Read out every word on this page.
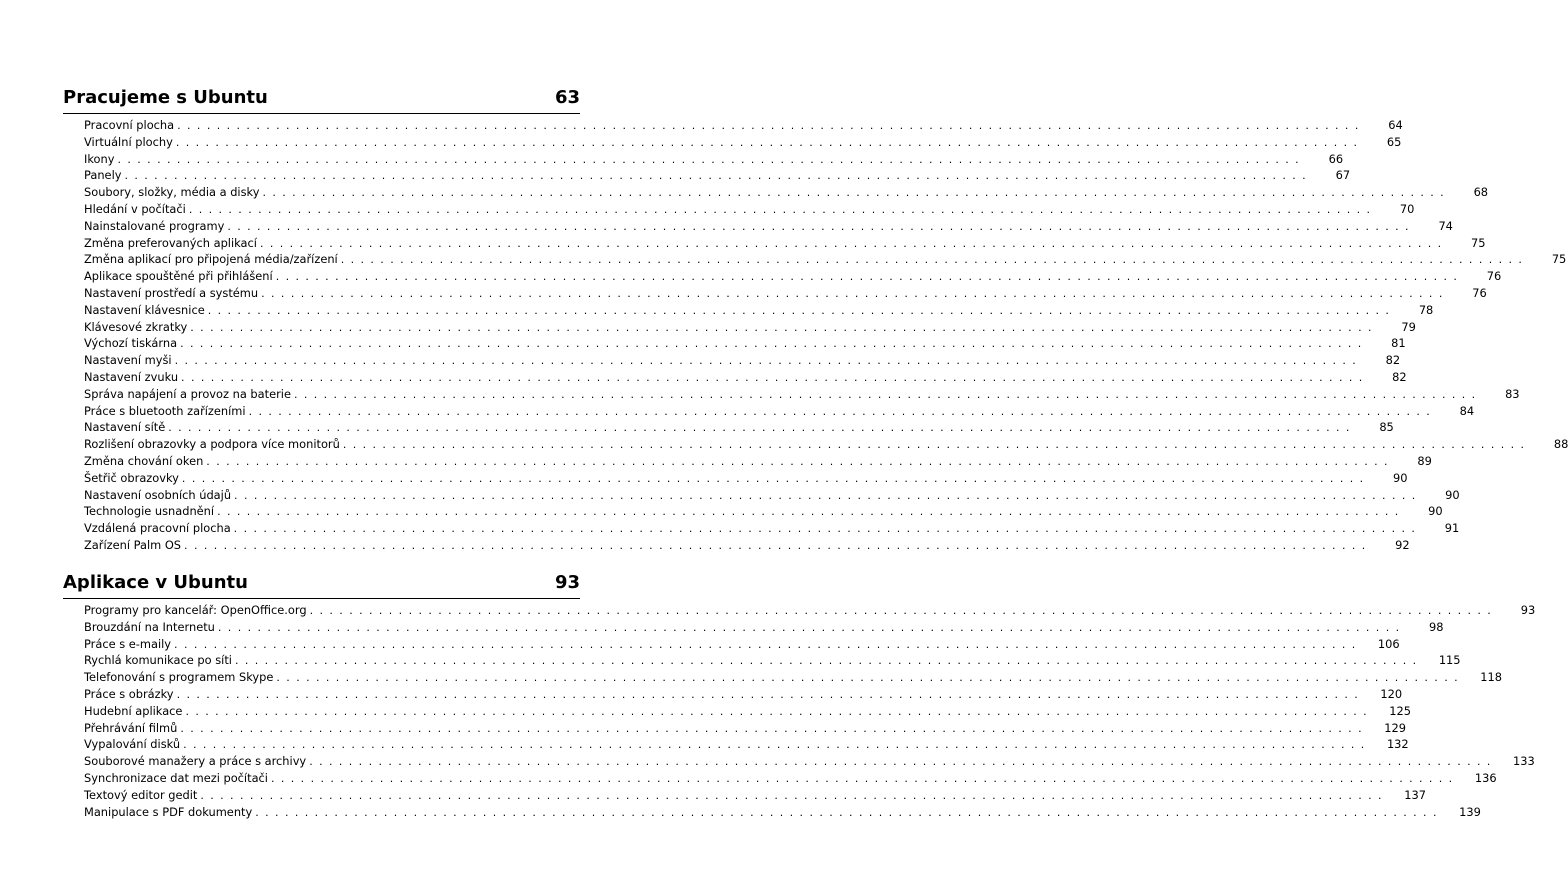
Pracujeme s Ubuntu	63
Pracovní plocha ........................................................................................................................	64
Virtuální plochy ........................................................................................................................	65
Ikony ........................................................................................................................	66
Panely ........................................................................................................................	67
Soubory, složky, média a disky ........................................................................................................................	68
Hledání v počítači ........................................................................................................................	70
Nainstalované programy ........................................................................................................................	74
Změna preferovaných aplikací ........................................................................................................................	75
Změna aplikací pro připojená média/zařízení ........................................................................................................................	75
Aplikace spouštěné při přihlášení ........................................................................................................................	76
Nastavení prostředí a systému ........................................................................................................................	76
Nastavení klávesnice ........................................................................................................................	78
Klávesové zkratky ........................................................................................................................	79
Výchozí tiskárna ........................................................................................................................	81
Nastavení myši ........................................................................................................................	82
Nastavení zvuku ........................................................................................................................	82
Správa napájení a provoz na baterie ........................................................................................................................	83
Práce s bluetooth zařízeními ........................................................................................................................	84
Nastavení sítě ........................................................................................................................	85
Rozlišení obrazovky a podpora více monitorů ........................................................................................................................	88
Změna chování oken ........................................................................................................................	89
Šetřič obrazovky ........................................................................................................................	90
Nastavení osobních údajů ........................................................................................................................	90
Technologie usnadnění ........................................................................................................................	90
Vzdálená pracovní plocha ........................................................................................................................	91
Zařízení Palm OS ........................................................................................................................	92
Aplikace v Ubuntu	93
Programy pro kancelář: OpenOffice.org ........................................................................................................................	93
Brouzdání na Internetu ........................................................................................................................	98
Práce s e-maily ........................................................................................................................	106
Rychlá komunikace po síti ........................................................................................................................	115
Telefonování s programem Skype ........................................................................................................................	118
Práce s obrázky ........................................................................................................................	120
Hudební aplikace ........................................................................................................................	125
Přehrávání filmů ........................................................................................................................	129
Vypalování disků ........................................................................................................................	132
Souborové manažery a práce s archivy ........................................................................................................................	133
Synchronizace dat mezi počítači ........................................................................................................................	136
Textový editor gedit ........................................................................................................................	137
Manipulace s PDF dokumenty ........................................................................................................................	139
